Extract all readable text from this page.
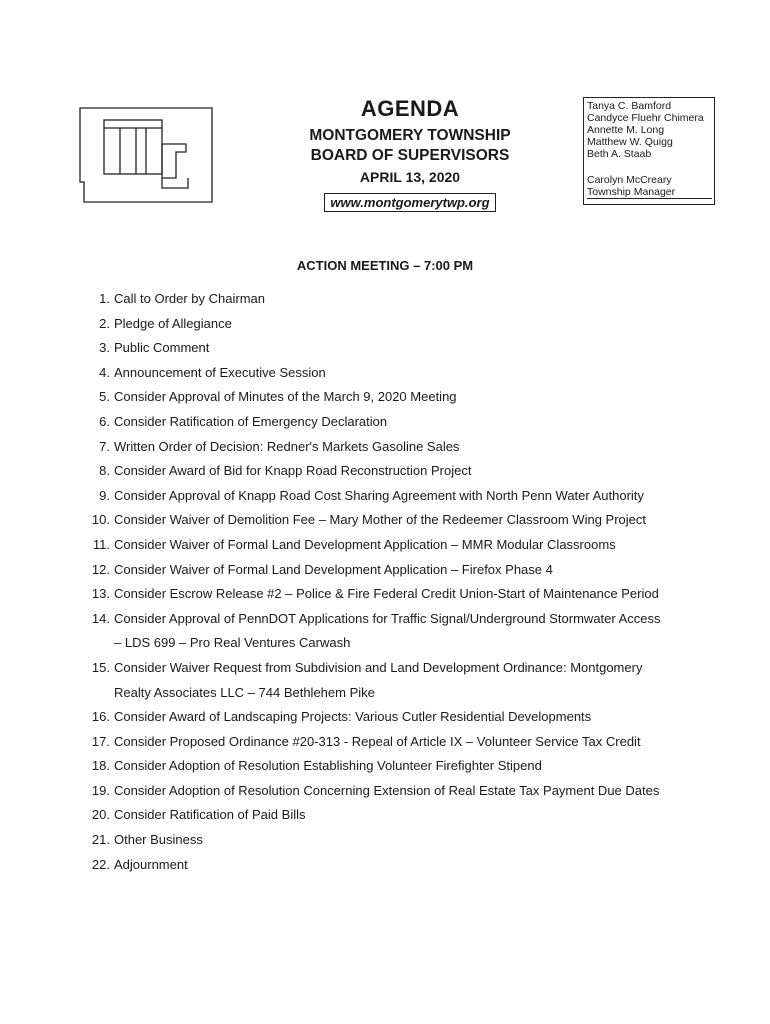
AGENDA
MONTGOMERY TOWNSHIP
BOARD OF SUPERVISORS
APRIL 13, 2020
www.montgomerytwp.org
Tanya C. Bamford
Candyce Fluehr Chimera
Annette M. Long
Matthew W. Quigg
Beth A. Staab
Carolyn McCreary
Township Manager
ACTION MEETING – 7:00 PM
1. Call to Order by Chairman
2. Pledge of Allegiance
3. Public Comment
4. Announcement of Executive Session
5. Consider Approval of Minutes of the March 9, 2020 Meeting
6. Consider Ratification of Emergency Declaration
7. Written Order of Decision: Redner's Markets Gasoline Sales
8. Consider Award of Bid for Knapp Road Reconstruction Project
9. Consider Approval of Knapp Road Cost Sharing Agreement with North Penn Water Authority
10. Consider Waiver of Demolition Fee – Mary Mother of the Redeemer Classroom Wing Project
11. Consider Waiver of Formal Land Development Application – MMR Modular Classrooms
12. Consider Waiver of Formal Land Development Application – Firefox Phase 4
13. Consider Escrow Release #2 – Police & Fire Federal Credit Union-Start of Maintenance Period
14. Consider Approval of PennDOT Applications for Traffic Signal/Underground Stormwater Access
– LDS 699 – Pro Real Ventures Carwash
15. Consider Waiver Request from Subdivision and Land Development Ordinance: Montgomery
Realty Associates LLC – 744 Bethlehem Pike
16. Consider Award of Landscaping Projects: Various Cutler Residential Developments
17. Consider Proposed Ordinance #20-313 - Repeal of Article IX – Volunteer Service Tax Credit
18. Consider Adoption of Resolution Establishing Volunteer Firefighter Stipend
19. Consider Adoption of Resolution Concerning Extension of Real Estate Tax Payment Due Dates
20. Consider Ratification of Paid Bills
21. Other Business
22. Adjournment
